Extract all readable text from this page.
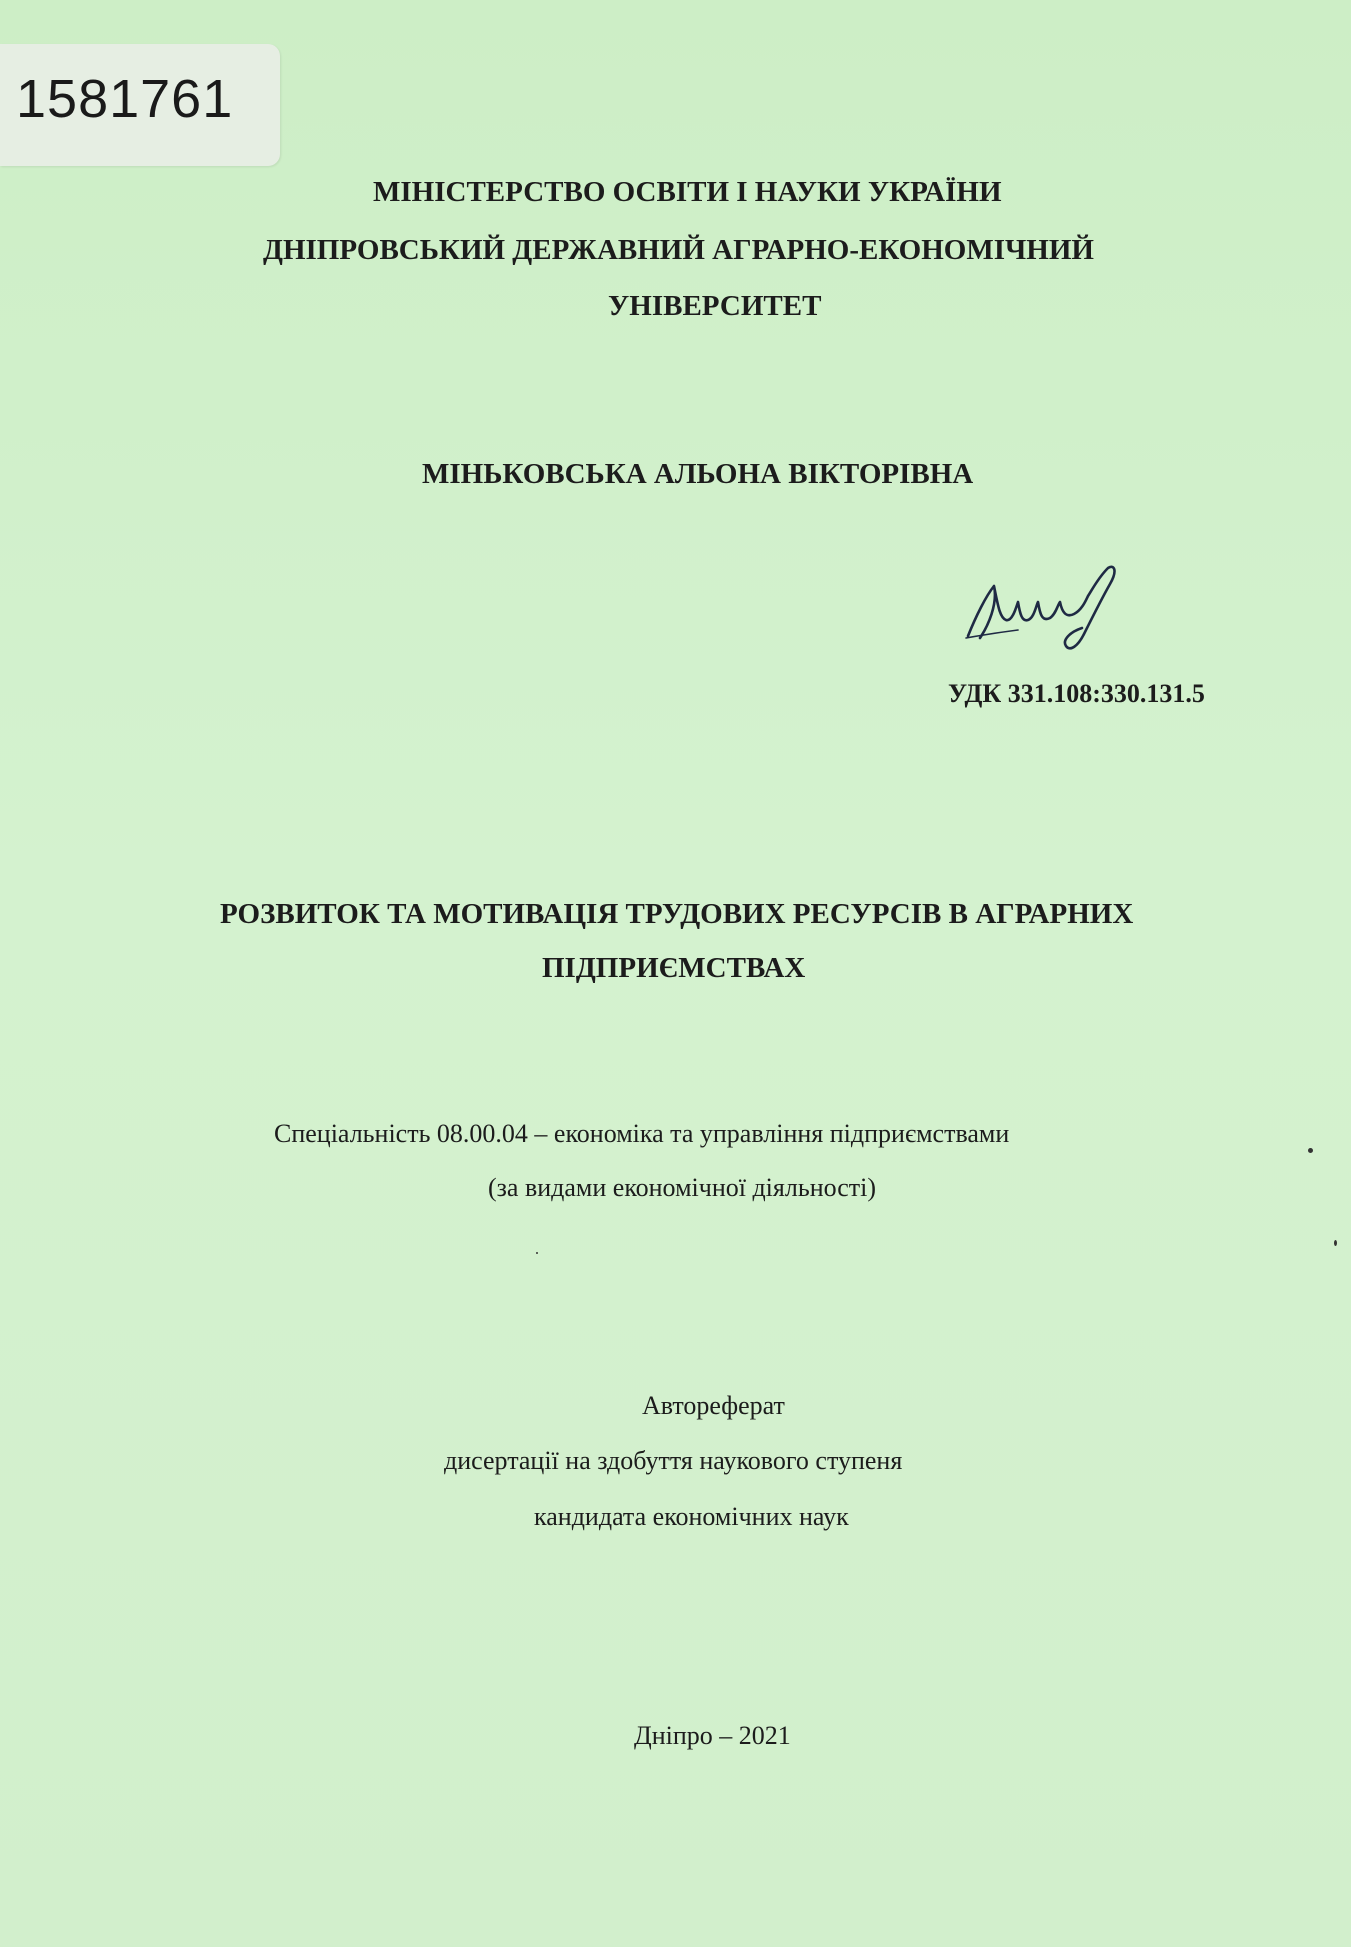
1581761
МІНІСТЕРСТВО ОСВІТИ І НАУКИ УКРАЇНИ
ДНІПРОВСЬКИЙ ДЕРЖАВНИЙ АГРАРНО-ЕКОНОМІЧНИЙ
УНІВЕРСИТЕТ
МІНЬКОВСЬКА АЛЬОНА ВІКТОРІВНА
УДК 331.108:330.131.5
РОЗВИТОК ТА МОТИВАЦІЯ ТРУДОВИХ РЕСУРСІВ В АГРАРНИХ
ПІДПРИЄМСТВАХ
Спеціальність 08.00.04 – економіка та управління підприємствами
(за видами економічної діяльності)
Автореферат
дисертації на здобуття наукового ступеня
кандидата економічних наук
Дніпро – 2021
